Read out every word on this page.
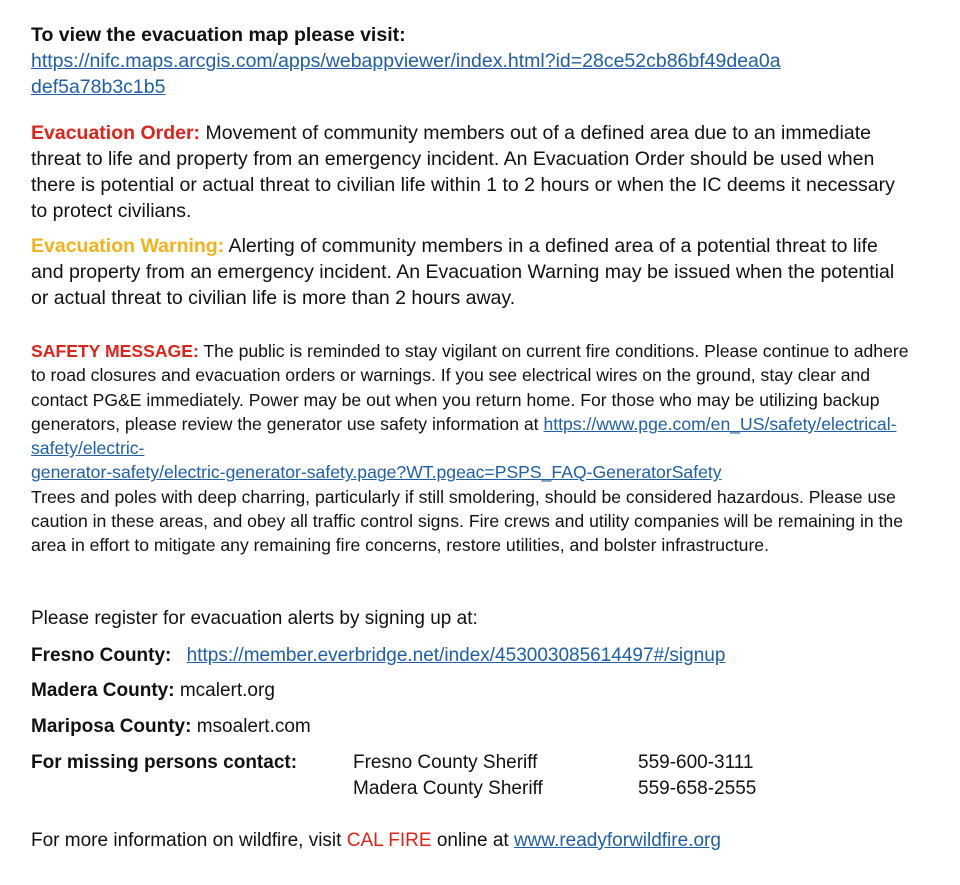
To view the evacuation map please visit:
https://nifc.maps.arcgis.com/apps/webappviewer/index.html?id=28ce52cb86bf49dea0a
def5a78b3c1b5

Evacuation Order: Movement of community members out of a defined area due to an immediate threat to life and property from an emergency incident. An Evacuation Order should be used when there is potential or actual threat to civilian life within 1 to 2 hours or when the IC deems it necessary to protect civilians.

Evacuation Warning: Alerting of community members in a defined area of a potential threat to life and property from an emergency incident. An Evacuation Warning may be issued when the potential or actual threat to civilian life is more than 2 hours away.

SAFETY MESSAGE: The public is reminded to stay vigilant on current fire conditions. Please continue to adhere to road closures and evacuation orders or warnings. If you see electrical wires on the ground, stay clear and contact PG&E immediately. Power may be out when you return home. For those who may be utilizing backup generators, please review the generator use safety information at https://www.pge.com/en_US/safety/electrical-safety/electric-
generator-safety/electric-generator-safety.page?WT.pgeac=PSPS_FAQ-GeneratorSafety
Trees and poles with deep charring, particularly if still smoldering, should be considered hazardous. Please use caution in these areas, and obey all traffic control signs. Fire crews and utility companies will be remaining in the area in effort to mitigate any remaining fire concerns, restore utilities, and bolster infrastructure.

Please register for evacuation alerts by signing up at:
Fresno County: https://member.everbridge.net/index/453003085614497#/signup
Madera County: mcalert.org
Mariposa County: msoalert.com
For missing persons contact:	Fresno County Sheriff	559-600-3111
Madera County Sheriff	559-658-2555
For more information on wildfire, visit CAL FIRE online at www.readyforwildfire.org
